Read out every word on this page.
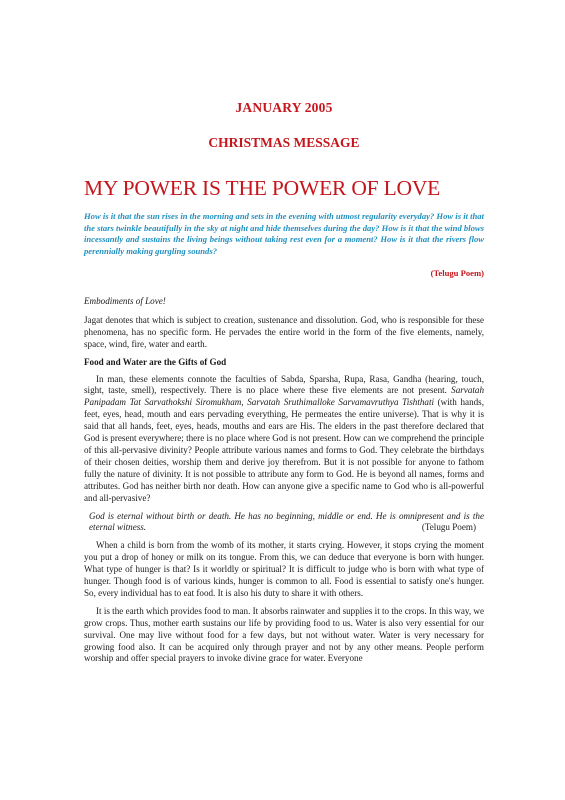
JANUARY 2005
CHRISTMAS MESSAGE
MY POWER IS THE POWER OF LOVE
How is it that the sun rises in the morning and sets in the evening with utmost regularity everyday? How is it that the stars twinkle beautifully in the sky at night and hide themselves during the day? How is it that the wind blows incessantly and sustains the living beings without taking rest even for a moment? How is it that the rivers flow perennially making gurgling sounds?
(Telugu Poem)

Embodiments of Love!

Jagat denotes that which is subject to creation, sustenance and dissolution. God, who is responsible for these phenomena, has no specific form. He pervades the entire world in the form of the five elements, namely, space, wind, fire, water and earth.

Food and Water are the Gifts of God

In man, these elements connote the faculties of Sabda, Sparsha, Rupa, Rasa, Gandha (hearing, touch, sight, taste, smell), respectively. There is no place where these five elements are not present. Sarvatah Panipadam Tat Sarvathokshi Siromukham, Sarvatah Sruthimalloke Sarvamavruthya Tishthati (with hands, feet, eyes, head, mouth and ears pervading everything, He permeates the entire universe). That is why it is said that all hands, feet, eyes, heads, mouths and ears are His. The elders in the past therefore declared that God is present everywhere; there is no place where God is not present. How can we comprehend the principle of this all-pervasive divinity? People attribute various names and forms to God. They celebrate the birthdays of their chosen deities, worship them and derive joy therefrom. But it is not possible for anyone to fathom fully the nature of divinity. It is not possible to attribute any form to God. He is beyond all names, forms and attributes. God has neither birth nor death. How can anyone give a specific name to God who is all-powerful and all-pervasive?

God is eternal without birth or death. He has no beginning, middle or end. He is omnipresent and is the eternal witness.	(Telugu Poem)

When a child is born from the womb of its mother, it starts crying. However, it stops crying the moment you put a drop of honey or milk on its tongue. From this, we can deduce that everyone is born with hunger. What type of hunger is that? Is it worldly or spiritual? It is difficult to judge who is born with what type of hunger. Though food is of various kinds, hunger is common to all. Food is essential to satisfy one's hunger. So, every individual has to eat food. It is also his duty to share it with others.

It is the earth which provides food to man. It absorbs rainwater and supplies it to the crops. In this way, we grow crops. Thus, mother earth sustains our life by providing food to us. Water is also very essential for our survival. One may live without food for a few days, but not without water. Water is very necessary for growing food also. It can be acquired only through prayer and not by any other means. People perform worship and offer special prayers to invoke divine grace for water. Everyone
